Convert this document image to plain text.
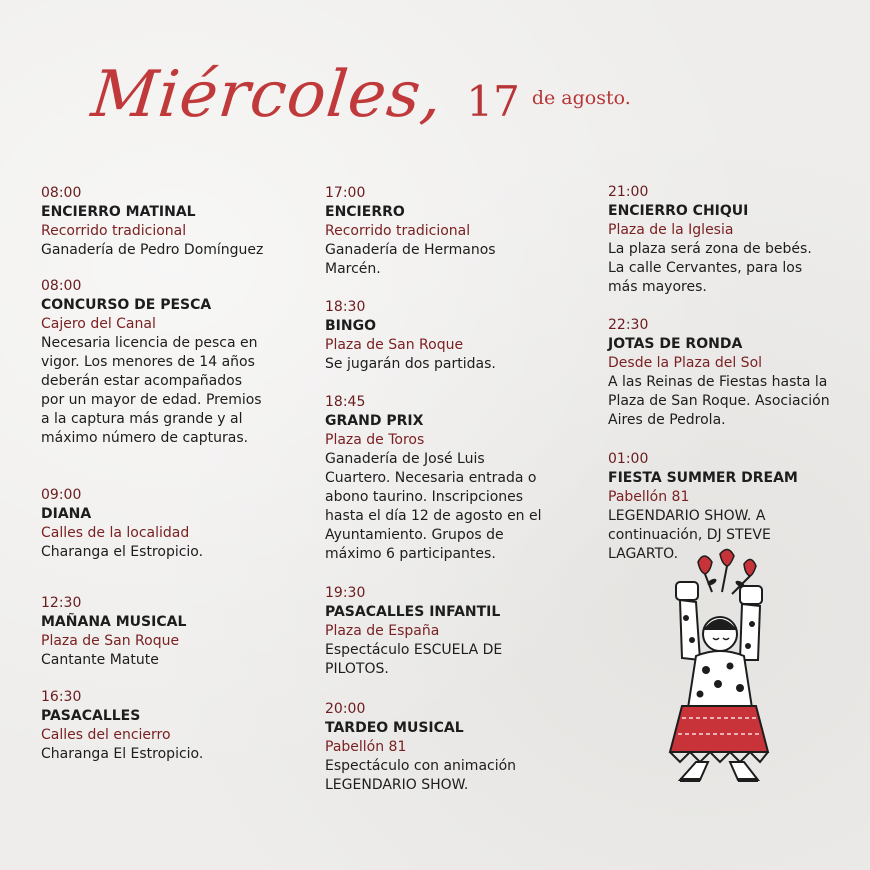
Miércoles, 17 de agosto.
08:00
ENCIERRO MATINAL
Recorrido tradicional
Ganadería de Pedro Domínguez
08:00
CONCURSO DE PESCA
Cajero del Canal
Necesaria licencia de pesca en vigor. Los menores de 14 años deberán estar acompañados por un mayor de edad. Premios a la captura más grande y al máximo número de capturas.
09:00
DIANA
Calles de la localidad
Charanga el Estropicio.
12:30
MAÑANA MUSICAL
Plaza de San Roque
Cantante Matute
16:30
PASACALLES
Calles del encierro
Charanga El Estropicio.
17:00
ENCIERRO
Recorrido tradicional
Ganadería de Hermanos Marcén.
18:30
BINGO
Plaza de San Roque
Se jugarán dos partidas.
18:45
GRAND PRIX
Plaza de Toros
Ganadería de José Luis Cuartero. Necesaria entrada o abono taurino. Inscripciones hasta el día 12 de agosto en el Ayuntamiento. Grupos de máximo 6 participantes.
19:30
PASACALLES INFANTIL
Plaza de España
Espectáculo ESCUELA DE PILOTOS.
20:00
TARDEO MUSICAL
Pabellón 81
Espectáculo con animación LEGENDARIO SHOW.
21:00
ENCIERRO CHIQUI
Plaza de la Iglesia
La plaza será zona de bebés. La calle Cervantes, para los más mayores.
22:30
JOTAS DE RONDA
Desde la Plaza del Sol
A las Reinas de Fiestas hasta la Plaza de San Roque. Asociación Aires de Pedrola.
01:00
FIESTA SUMMER DREAM
Pabellón 81
LEGENDARIO SHOW. A continuación, DJ STEVE LAGARTO.
